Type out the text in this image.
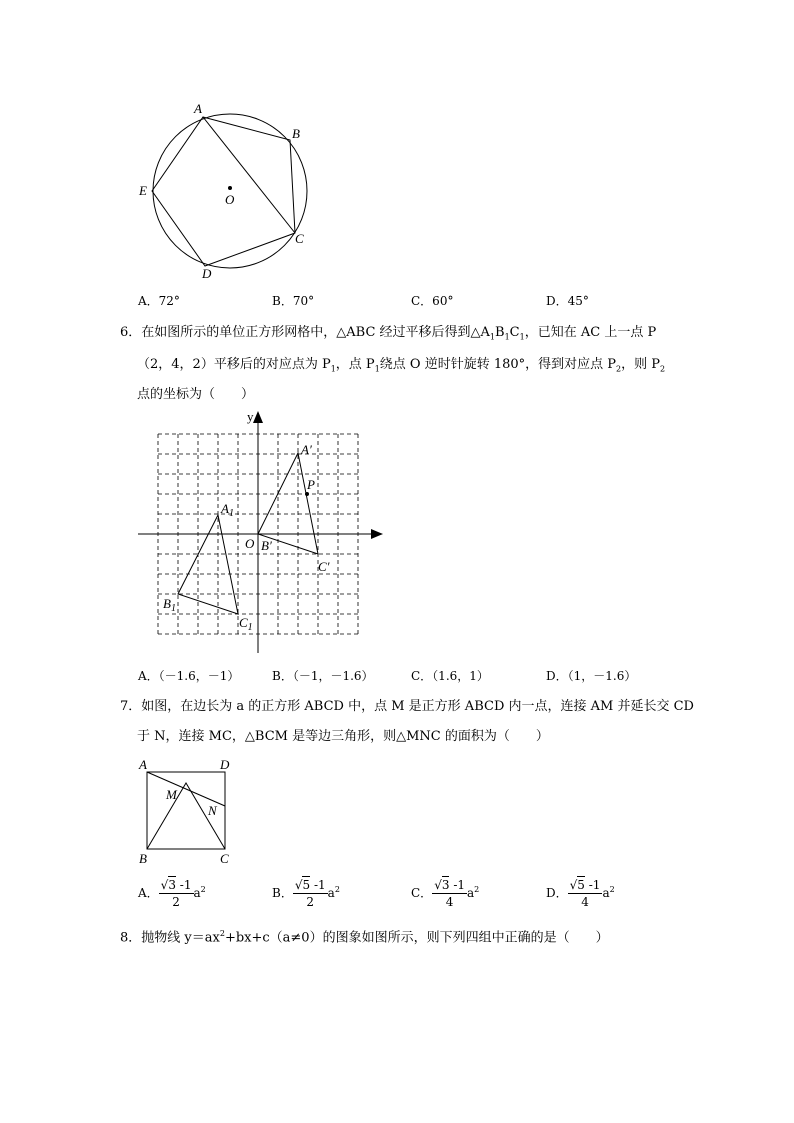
A
B
C
D
E
O
A．72°	B．70°	C．60°	D．45°
6．在如图所示的单位正方形网格中，△ABC 经过平移后得到$\triangle A_1B_1C_1$，已知在 AC 上一点 P
（2，4，2）平移后的对应点为 $P_1$，点 $P_1$绕点 O 逆时针旋转 180°，得到对应点 $P_2$，则 $P_2$
点的坐标为（　　）
y
O
$A_1$
$B_1$
$C_1$
A′
P
B′
C′
A．（－1.6，－1）	B．（－1，－1.6）	C．（1.6，1）	D．（1，－1.6）
7．如图，在边长为 a 的正方形 ABCD 中，点 M 是正方形 ABCD 内一点，连接 AM 并延长交 CD
于 N，连接 MC，△BCM 是等边三角形，则△MNC 的面积为（　　）
A	D
M
N
B	C
A． $\frac{√3 -1}{2} a^2$	B． $\frac{√5 -1}{2} a^2$	C． $\frac{√3 -1}{4} a^2$	D． $\frac{√5 -1}{4} a^2$
8．抛物线 $y=ax^2+bx+c(a\ne 0)$的图象如图所示，则下列四组中正确的是（　　）
